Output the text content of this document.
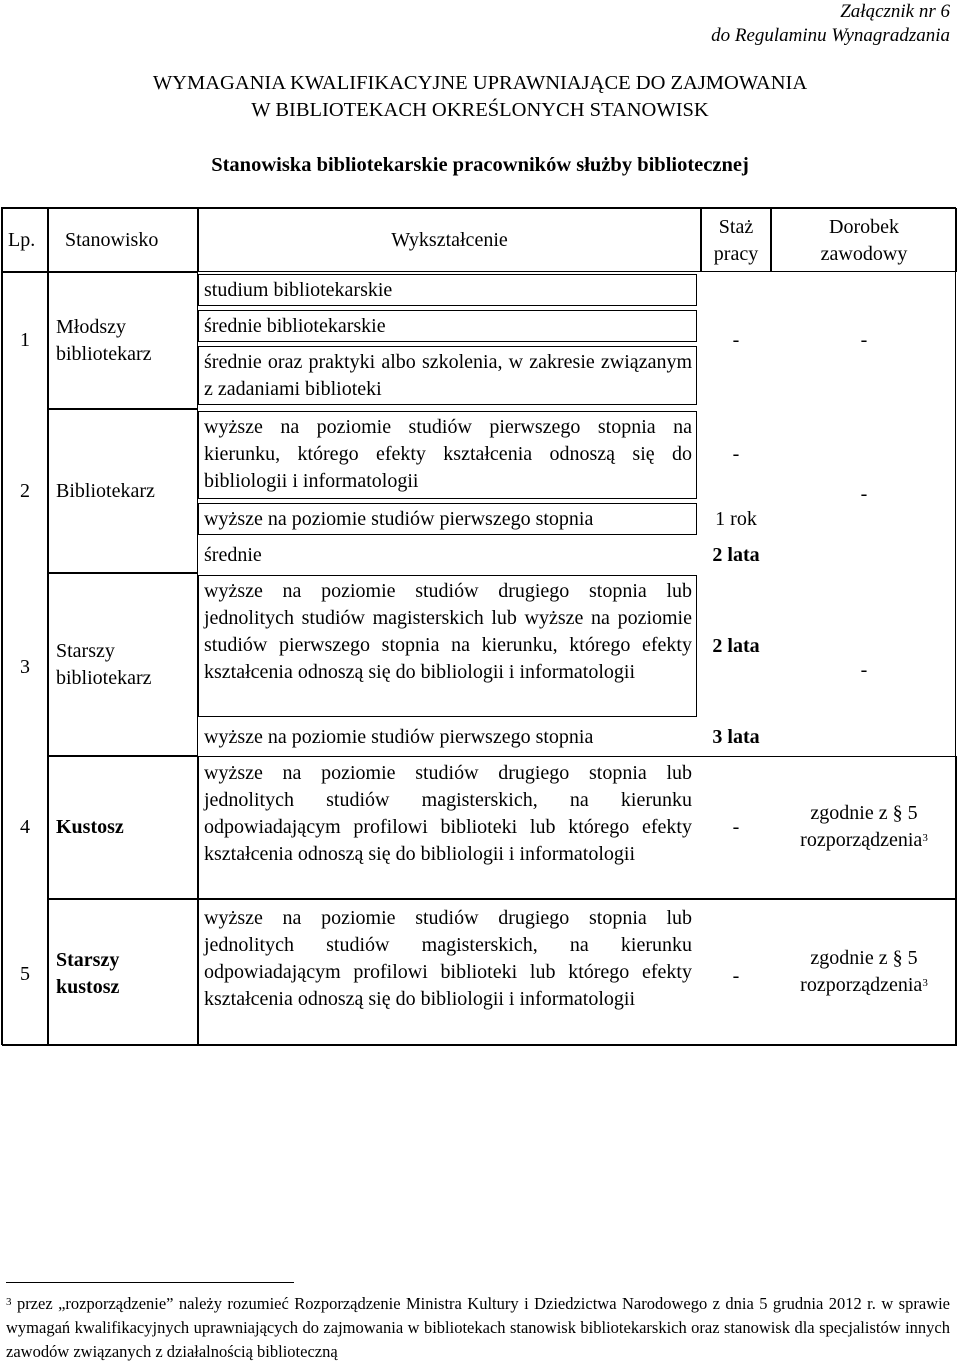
Załącznik nr 6
do Regulaminu Wynagradzania
WYMAGANIA KWALIFIKACYJNE UPRAWNIAJĄCE DO ZAJMOWANIA
W BIBLIOTEKACH OKREŚLONYCH STANOWISK
Stanowiska bibliotekarskie pracowników służby bibliotecznej
Lp. Stanowisko	Wykształcenie
Staż
pracy
Dorobek
zawodowy
1
Młodszy
bibliotekarz
studium bibliotekarskie
średnie bibliotekarskie
średnie oraz praktyki albo szkolenia, w zakresie związanym z zadaniami biblioteki
-	-
2 Bibliotekarz
wyższe na poziomie studiów pierwszego stopnia na kierunku, którego efekty kształcenia odnoszą się do bibliologii i informatologii
wyższe na poziomie studiów pierwszego stopnia
średnie
-
1 rok
2 lata
-
3
Starszy
bibliotekarz
wyższe na poziomie studiów drugiego stopnia lub jednolitych studiów magisterskich lub wyższe na poziomie studiów pierwszego stopnia na kierunku, którego efekty kształcenia odnoszą się do bibliologii i informatologii
wyższe na poziomie studiów pierwszego stopnia
2 lata
3 lata
-
4 Kustosz
wyższe na poziomie studiów drugiego stopnia lub jednolitych studiów magisterskich, na kierunku odpowiadającym profilowi biblioteki lub którego efekty kształcenia odnoszą się do bibliologii i informatologii
-
zgodnie z § 5
rozporządzenia$^3$
5
Starszy
kustosz
wyższe na poziomie studiów drugiego stopnia lub jednolitych studiów magisterskich, na kierunku odpowiadającym profilowi biblioteki lub którego efekty kształcenia odnoszą się do bibliologii i informatologii
-
zgodnie z § 5
rozporządzenia$^3$
$^3$ przez „rozporządzenie” należy rozumieć Rozporządzenie Ministra Kultury i Dziedzictwa Narodowego z dnia 5 grudnia 2012 r. w sprawie wymagań kwalifikacyjnych uprawniających do zajmowania w bibliotekach stanowisk bibliotekarskich oraz stanowisk dla specjalistów innych zawodów związanych z działalnością biblioteczną
